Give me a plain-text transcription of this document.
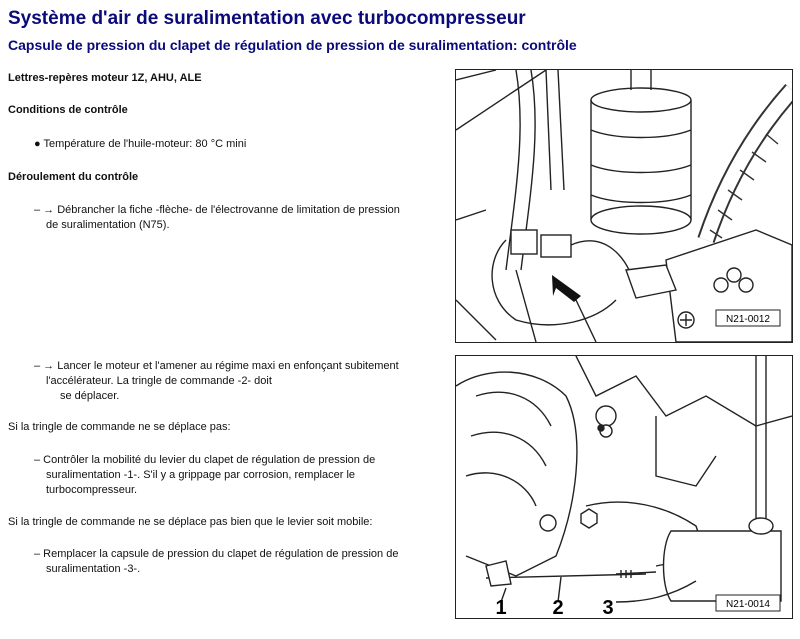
Système d'air de suralimentation avec turbocompresseur
Capsule de pression du clapet de régulation de pression de suralimentation: contrôle
Lettres-repères moteur 1Z, AHU, ALE
Conditions de contrôle
● Température de l'huile-moteur: 80 °C mini
Déroulement du contrôle
– → Débrancher la fiche -flèche- de l'électrovanne de limitation de pression
de suralimentation (N75).
– → Lancer le moteur et l'amener au régime maxi en enfonçant subitement
l'accélérateur. La tringle de commande -2- doit
se déplacer.
Si la tringle de commande ne se déplace pas:
– Contrôler la mobilité du levier du clapet de régulation de pression de
suralimentation -1-. S'il y a grippage par corrosion, remplacer le
turbocompresseur.
Si la tringle de commande ne se déplace pas bien que le levier soit mobile:
– Remplacer la capsule de pression du clapet de régulation de pression de
suralimentation -3-.
N21-0012
1 2 3	N21-0014
